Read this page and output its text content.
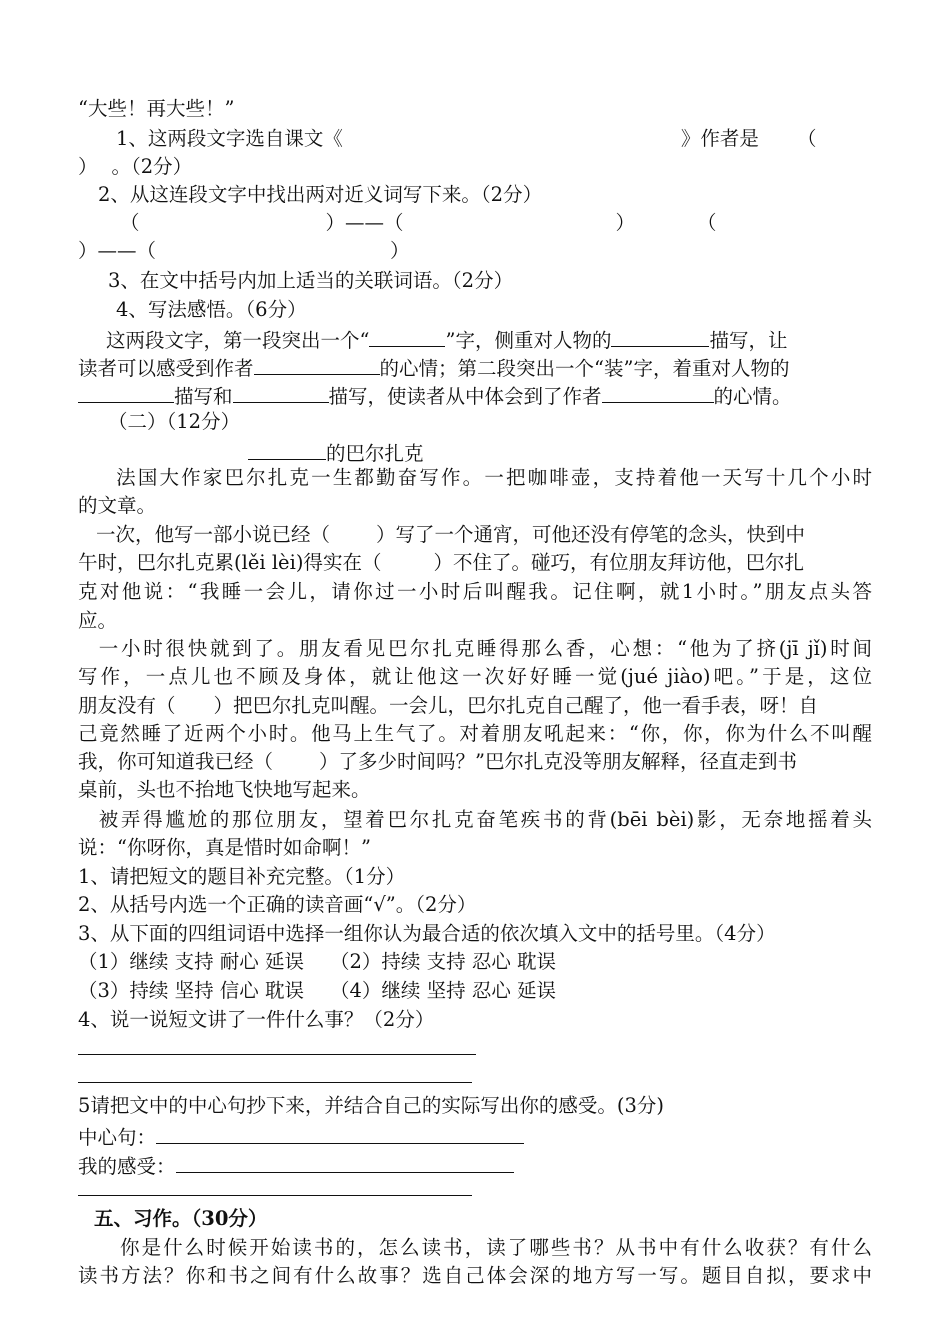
“大些！再大些！”
1、这两段文字选自课文《	》作者是 （
） 。（2分）
2、从这连段文字中找出两对近义词写下来。（2分）
（	）——（	）	（
）——（	）
3、在文中括号内加上适当的关联词语。（2分）
4、写法感悟。（6分）
这两段文字，第一段突出一个“	”字，侧重对人物的	描写，让
读者可以感受到作者	的心情；第二段突出一个“装”字，着重对人物的
描写和	描写，使读者从中体会到了作者	的心情。
（二）（12分）
的巴尔扎克
法国大作家巴尔扎克一生都勤奋写作。一把咖啡壶，支持着他一天写十几个小时
的文章。
一次，他写一部小说已经（ ）写了一个通宵，可他还没有停笔的念头，快到中
午时，巴尔扎克累(lěi lèi)得实在（	）不住了。碰巧，有位朋友拜访他，巴尔扎
克对他说：“我睡一会儿，请你过一小时后叫醒我。记住啊，就1小时。”朋友点头答
应。
一小时很快就到了。朋友看见巴尔扎克睡得那么香，心想：“他为了挤(jī jǐ)时间
写作，一点儿也不顾及身体，就让他这一次好好睡一觉(jué jiào)吧。”于是，这位
朋友没有（ ）把巴尔扎克叫醒。一会儿，巴尔扎克自己醒了，他一看手表，呀！自
己竟然睡了近两个小时。他马上生气了。对着朋友吼起来：“你，你，你为什么不叫醒
我，你可知道我已经（ ）了多少时间吗？”巴尔扎克没等朋友解释，径直走到书
桌前，头也不抬地飞快地写起来。
被弄得尴尬的那位朋友，望着巴尔扎克奋笔疾书的背(bēi bèi)影，无奈地摇着头
说：“你呀你，真是惜时如命啊！”
1、请把短文的题目补充完整。（1分）
2、从括号内选一个正确的读音画“√”。（2分）
3、从下面的四组词语中选择一组你认为最合适的依次填入文中的括号里。（4分）
（1）继续 支持 耐心 延误 （2）持续 支持 忍心 耽误
（3）持续 坚持 信心 耽误 （4）继续 坚持 忍心 延误
4、说一说短文讲了一件什么事？（2分）
5请把文中的中心句抄下来，并结合自己的实际写出你的感受。(3分)
中心句：
我的感受：
五、习作。（30分）
你是什么时候开始读书的，怎么读书，读了哪些书？从书中有什么收获？有什么
读书方法？你和书之间有什么故事？选自己体会深的地方写一写。题目自拟，要求中
